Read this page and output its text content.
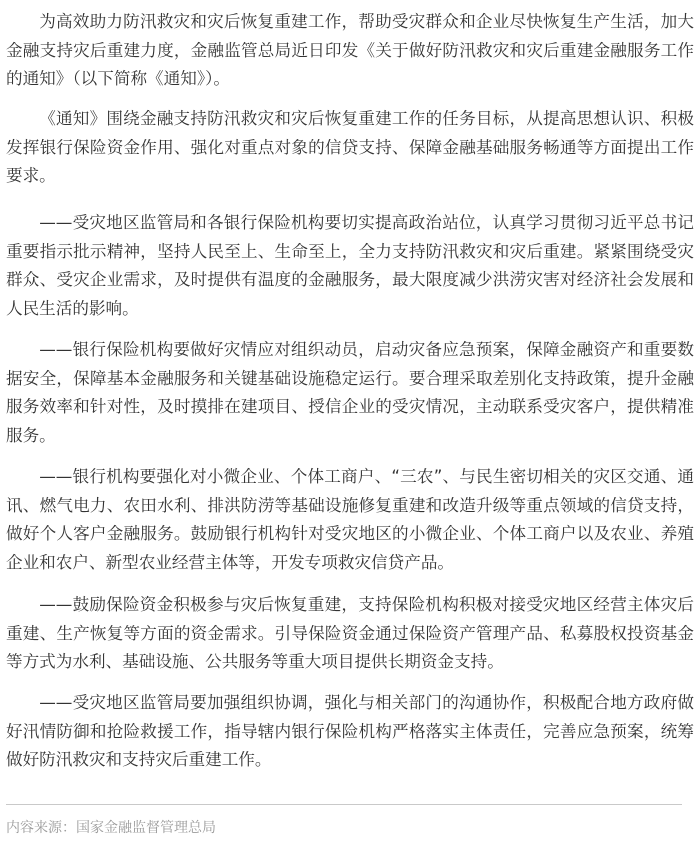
为高效助力防汛救灾和灾后恢复重建工作，帮助受灾群众和企业尽快恢复生产生活，加大金融支持灾后重建力度，金融监管总局近日印发《关于做好防汛救灾和灾后重建金融服务工作的通知》（以下简称《通知》）。

《通知》围绕金融支持防汛救灾和灾后恢复重建工作的任务目标，从提高思想认识、积极发挥银行保险资金作用、强化对重点对象的信贷支持、保障金融基础服务畅通等方面提出工作要求。

——受灾地区监管局和各银行保险机构要切实提高政治站位，认真学习贯彻习近平总书记重要指示批示精神，坚持人民至上、生命至上，全力支持防汛救灾和灾后重建。紧紧围绕受灾群众、受灾企业需求，及时提供有温度的金融服务，最大限度减少洪涝灾害对经济社会发展和人民生活的影响。

——银行保险机构要做好灾情应对组织动员，启动灾备应急预案，保障金融资产和重要数据安全，保障基本金融服务和关键基础设施稳定运行。要合理采取差别化支持政策，提升金融服务效率和针对性，及时摸排在建项目、授信企业的受灾情况，主动联系受灾客户，提供精准服务。

——银行机构要强化对小微企业、个体工商户、“三农”、与民生密切相关的灾区交通、通讯、燃气电力、农田水利、排洪防涝等基础设施修复重建和改造升级等重点领域的信贷支持，做好个人客户金融服务。鼓励银行机构针对受灾地区的小微企业、个体工商户以及农业、养殖企业和农户、新型农业经营主体等，开发专项救灾信贷产品。

——鼓励保险资金积极参与灾后恢复重建，支持保险机构积极对接受灾地区经营主体灾后重建、生产恢复等方面的资金需求。引导保险资金通过保险资产管理产品、私募股权投资基金等方式为水利、基础设施、公共服务等重大项目提供长期资金支持。

——受灾地区监管局要加强组织协调，强化与相关部门的沟通协作，积极配合地方政府做好汛情防御和抢险救援工作，指导辖内银行保险机构严格落实主体责任，完善应急预案，统筹做好防汛救灾和支持灾后重建工作。

内容来源：国家金融监督管理总局
